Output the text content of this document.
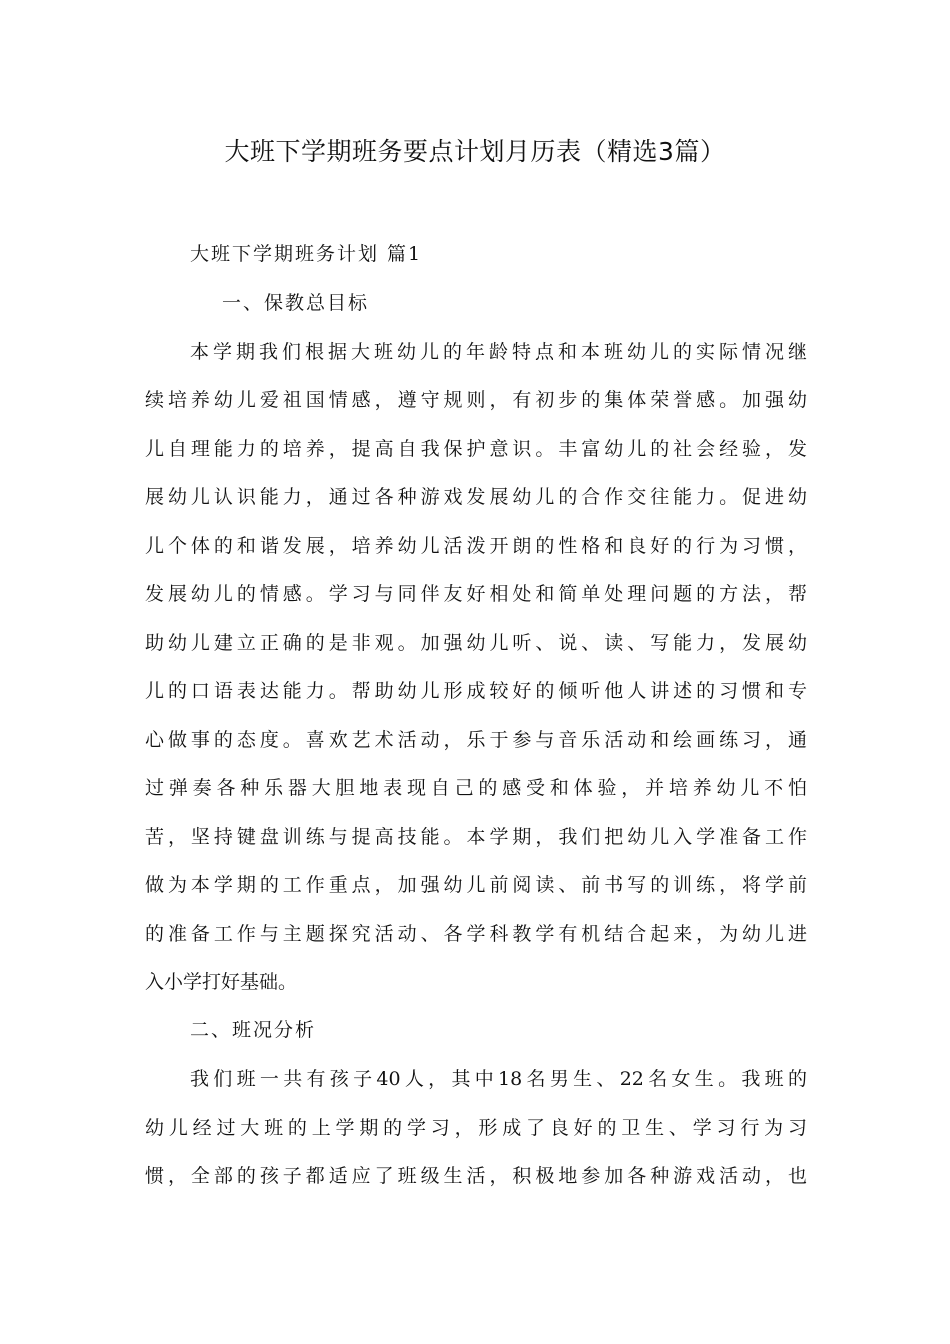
大班下学期班务要点计划月历表（精选3篇）
大班下学期班务计划 篇1
一、保教总目标
本学期我们根据大班幼儿的年龄特点和本班幼儿的实际情况继
续培养幼儿爱祖国情感，遵守规则，有初步的集体荣誉感。加强幼
儿自理能力的培养，提高自我保护意识。丰富幼儿的社会经验，发
展幼儿认识能力，通过各种游戏发展幼儿的合作交往能力。促进幼
儿个体的和谐发展，培养幼儿活泼开朗的性格和良好的行为习惯，
发展幼儿的情感。学习与同伴友好相处和简单处理问题的方法，帮
助幼儿建立正确的是非观。加强幼儿听、说、读、写能力，发展幼
儿的口语表达能力。帮助幼儿形成较好的倾听他人讲述的习惯和专
心做事的态度。喜欢艺术活动，乐于参与音乐活动和绘画练习，通
过弹奏各种乐器大胆地表现自己的感受和体验，并培养幼儿不怕
苦，坚持键盘训练与提高技能。本学期，我们把幼儿入学准备工作
做为本学期的工作重点，加强幼儿前阅读、前书写的训练，将学前
的准备工作与主题探究活动、各学科教学有机结合起来，为幼儿进
入小学打好基础。
二、班况分析
我们班一共有孩子40人，其中18名男生、22名女生。我班的
幼儿经过大班的上学期的学习，形成了良好的卫生、学习行为习
惯，全部的孩子都适应了班级生活，积极地参加各种游戏活动，也
